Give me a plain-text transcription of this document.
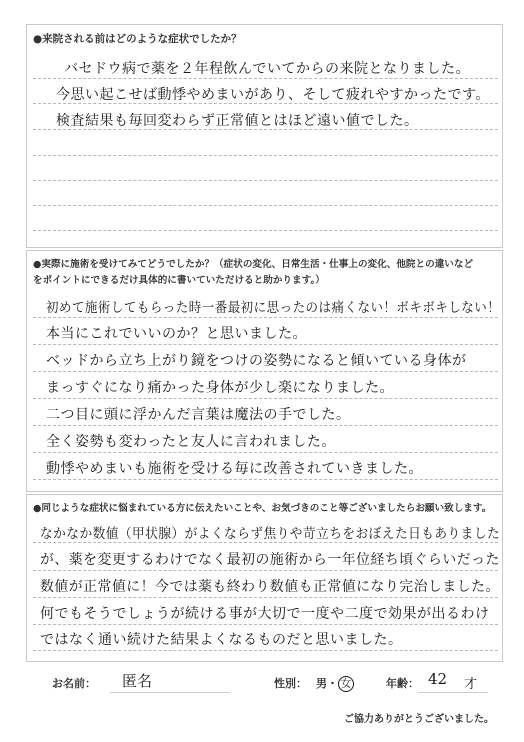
●来院される前はどのような症状でしたか？
バセドウ病で薬を２年程飲んでいてからの来院となりました。
今思い起こせば動悸やめまいがあり、そして疲れやすかったです。
検査結果も毎回変わらず正常値とはほど遠い値でした。
●実際に施術を受けてみてどうでしたか？（症状の変化、日常生活・仕事上の変化、他院との違いなど
をポイントにできるだけ具体的に書いていただけると助かります。）
初めて施術してもらった時一番最初に思ったのは痛くない！ボキボキしない！
本当にこれでいいのか？と思いました。
ベッドから立ち上がり鏡をつけの姿勢になると傾いている身体が
まっすぐになり痛かった身体が少し楽になりました。
二つ目に頭に浮かんだ言葉は魔法の手でした。
全く姿勢も変わったと友人に言われました。
動悸やめまいも施術を受ける毎に改善されていきました。
●同じような症状に悩まれている方に伝えたいことや、お気づきのこと等ございましたらお願い致します。
なかなか数値（甲状腺）がよくならず焦りや苛立ちをおぼえた日もありました
が、薬を変更するわけでなく最初の施術から一年位経ち頃ぐらいだった
数値が正常値に！今では薬も終わり数値も正常値になり完治しました。
何でもそうでしょうが続ける事が大切で一度や二度で効果が出るわけ
ではなく通い続けた結果よくなるものだと思いました。
お名前： 匿名	性別： 男・ 女	年齢： 42 才
ご協力ありがとうございました。
